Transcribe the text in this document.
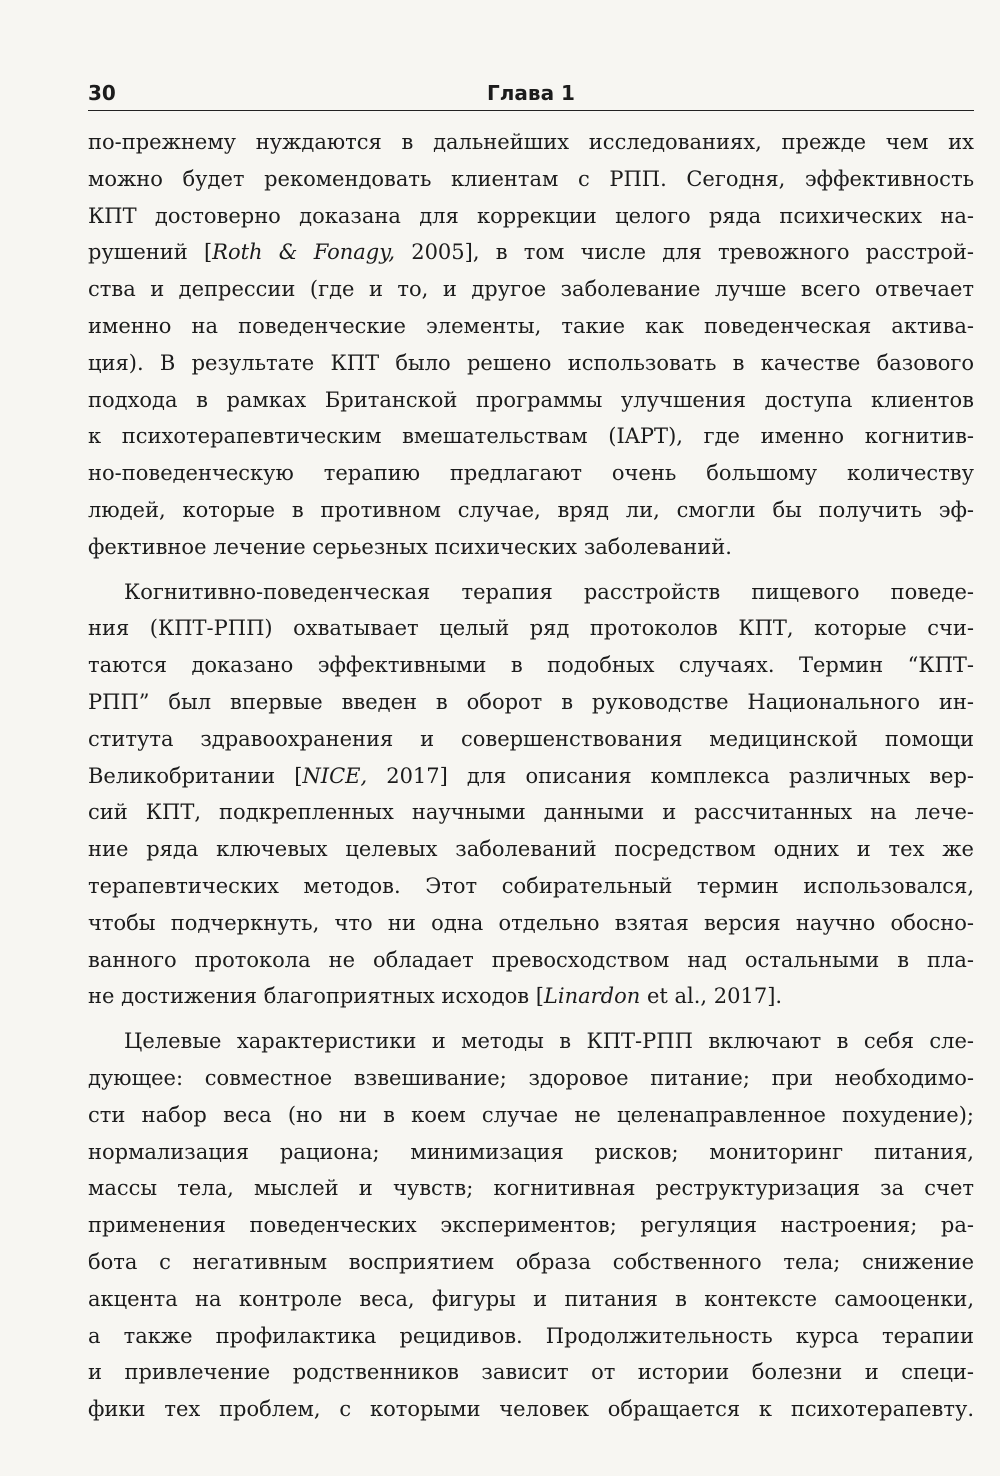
30	Глава 1
по-прежнему нуждаются в дальнейших исследованиях, прежде чем их
можно будет рекомендовать клиентам с РПП. Сегодня, эффективность
КПТ достоверно доказана для коррекции целого ряда психических на-
рушений [Roth & Fonagy, 2005], в том числе для тревожного расстрой-
ства и депрессии (где и то, и другое заболевание лучше всего отвечает
именно на поведенческие элементы, такие как поведенческая актива-
ция). В результате КПТ было решено использовать в качестве базового
подхода в рамках Британской программы улучшения доступа клиентов
к психотерапевтическим вмешательствам (IAPT), где именно когнитив-
но-поведенческую терапию предлагают очень большому количеству
людей, которые в противном случае, вряд ли, смогли бы получить эф-
фективное лечение серьезных психических заболеваний.
Когнитивно-поведенческая терапия расстройств пищевого поведе-
ния (КПТ-РПП) охватывает целый ряд протоколов КПТ, которые счи-
таются доказано эффективными в подобных случаях. Термин “КПТ-
РПП” был впервые введен в оборот в руководстве Национального ин-
ститута здравоохранения и совершенствования медицинской помощи
Великобритании [NICE, 2017] для описания комплекса различных вер-
сий КПТ, подкрепленных научными данными и рассчитанных на лече-
ние ряда ключевых целевых заболеваний посредством одних и тех же
терапевтических методов. Этот собирательный термин использовался,
чтобы подчеркнуть, что ни одна отдельно взятая версия научно обосно-
ванного протокола не обладает превосходством над остальными в пла-
не достижения благоприятных исходов [Linardon et al., 2017].
Целевые характеристики и методы в КПТ-РПП включают в себя сле-
дующее: совместное взвешивание; здоровое питание; при необходимо-
сти набор веса (но ни в коем случае не целенаправленное похудение);
нормализация рациона; минимизация рисков; мониторинг питания,
массы тела, мыслей и чувств; когнитивная реструктуризация за счет
применения поведенческих экспериментов; регуляция настроения; ра-
бота с негативным восприятием образа собственного тела; снижение
акцента на контроле веса, фигуры и питания в контексте самооценки,
а также профилактика рецидивов. Продолжительность курса терапии
и привлечение родственников зависит от истории болезни и специ-
фики тех проблем, с которыми человек обращается к психотерапевту.
